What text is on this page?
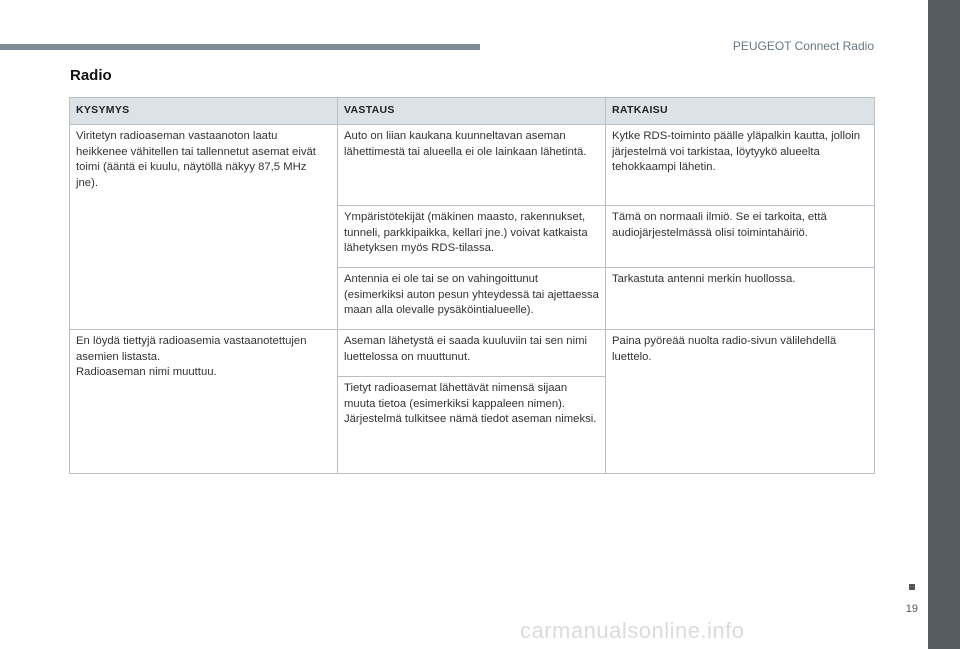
PEUGEOT Connect Radio
Radio
KYSYMYS	VASTAUS	RATKAISU
Viritetyn radioaseman vastaanoton laatu heikkenee vähitellen tai tallennetut asemat eivät toimi (ääntä ei kuulu, näytöllä näkyy 87,5 MHz jne).	Auto on liian kaukana kuunneltavan aseman lähettimestä tai alueella ei ole lainkaan lähetintä.	Kytke RDS-toiminto päälle yläpalkin kautta, jolloin järjestelmä voi tarkistaa, löytyykö alueelta tehokkaampi lähetin.
	Ympäristötekijät (mäkinen maasto, rakennukset, tunneli, parkkipaikka, kellari jne.) voivat katkaista lähetyksen myös RDS-tilassa.	Tämä on normaali ilmiö. Se ei tarkoita, että audiojärjestelmässä olisi toimintahäiriö.
	Antennia ei ole tai se on vahingoittunut (esimerkiksi auton pesun yhteydessä tai ajettaessa maan alla olevalle pysäköintialueelle).	Tarkastuta antenni merkin huollossa.

En löydä tiettyjä radioasemia vastaanotettujen asemien listasta.
Radioaseman nimi muuttuu.	Aseman lähetystä ei saada kuuluviin tai sen nimi luettelossa on muuttunut.	Paina pyöreää nuolta radio-sivun välilehdellä luettelo.
	Tietyt radioasemat lähettävät nimensä sijaan muuta tietoa (esimerkiksi kappaleen nimen). Järjestelmä tulkitsee nämä tiedot aseman nimeksi.	
19
carmanualsonline.info
